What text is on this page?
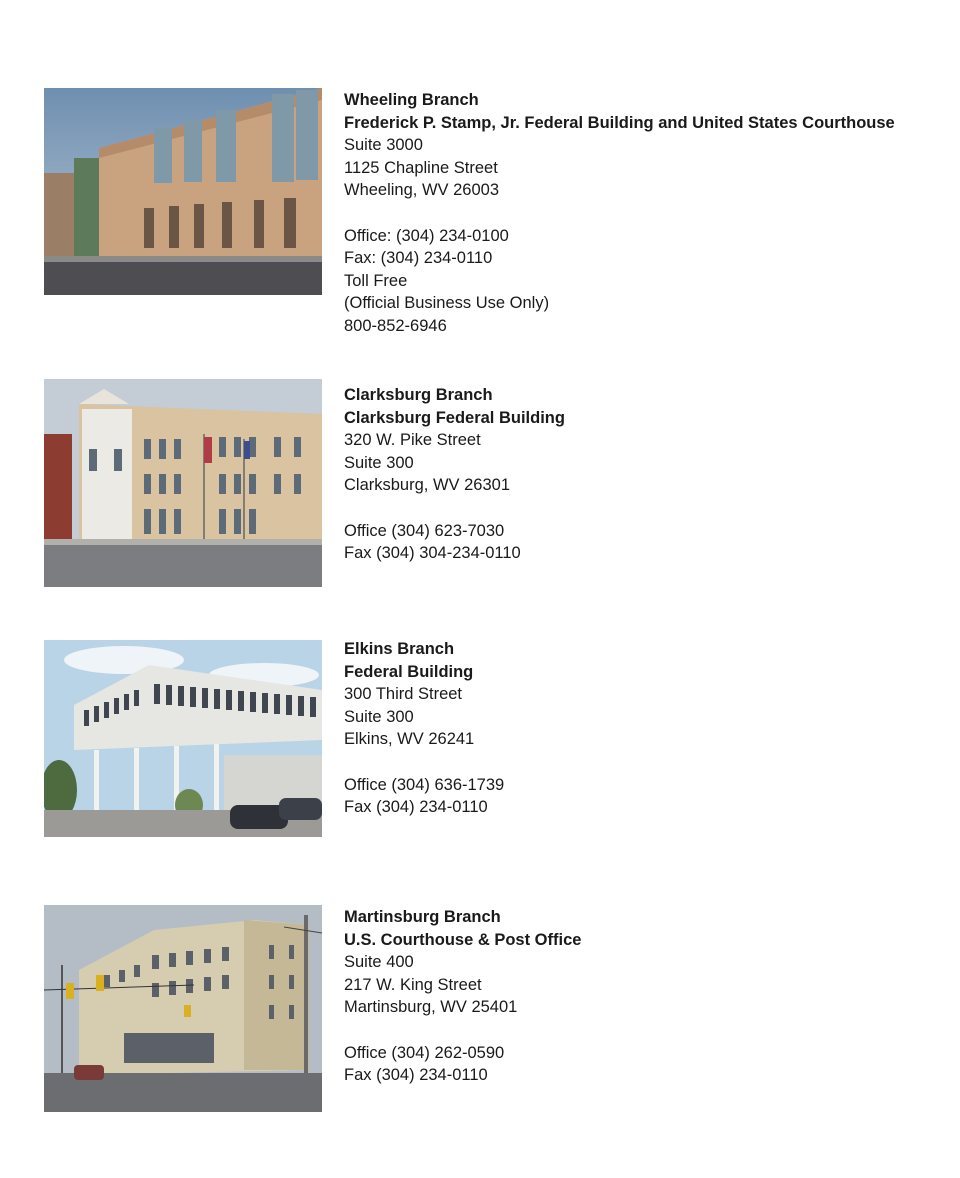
Wheeling Branch
Frederick P. Stamp, Jr. Federal Building and United States Courthouse
Suite 3000
1125 Chapline Street
Wheeling, WV 26003
Office: (304) 234-0100
Fax: (304) 234-0110
Toll Free
(Official Business Use Only)
800-852-6946
Clarksburg Branch
Clarksburg Federal Building
320 W. Pike Street
Suite 300
Clarksburg, WV 26301
Office (304) 623-7030
Fax (304) 304-234-0110
Elkins Branch
Federal Building
300 Third Street
Suite 300
Elkins, WV 26241
Office (304) 636-1739
Fax (304) 234-0110
Martinsburg Branch
U.S. Courthouse & Post Office
Suite 400
217 W. King Street
Martinsburg, WV 25401
Office (304) 262-0590
Fax (304) 234-0110
